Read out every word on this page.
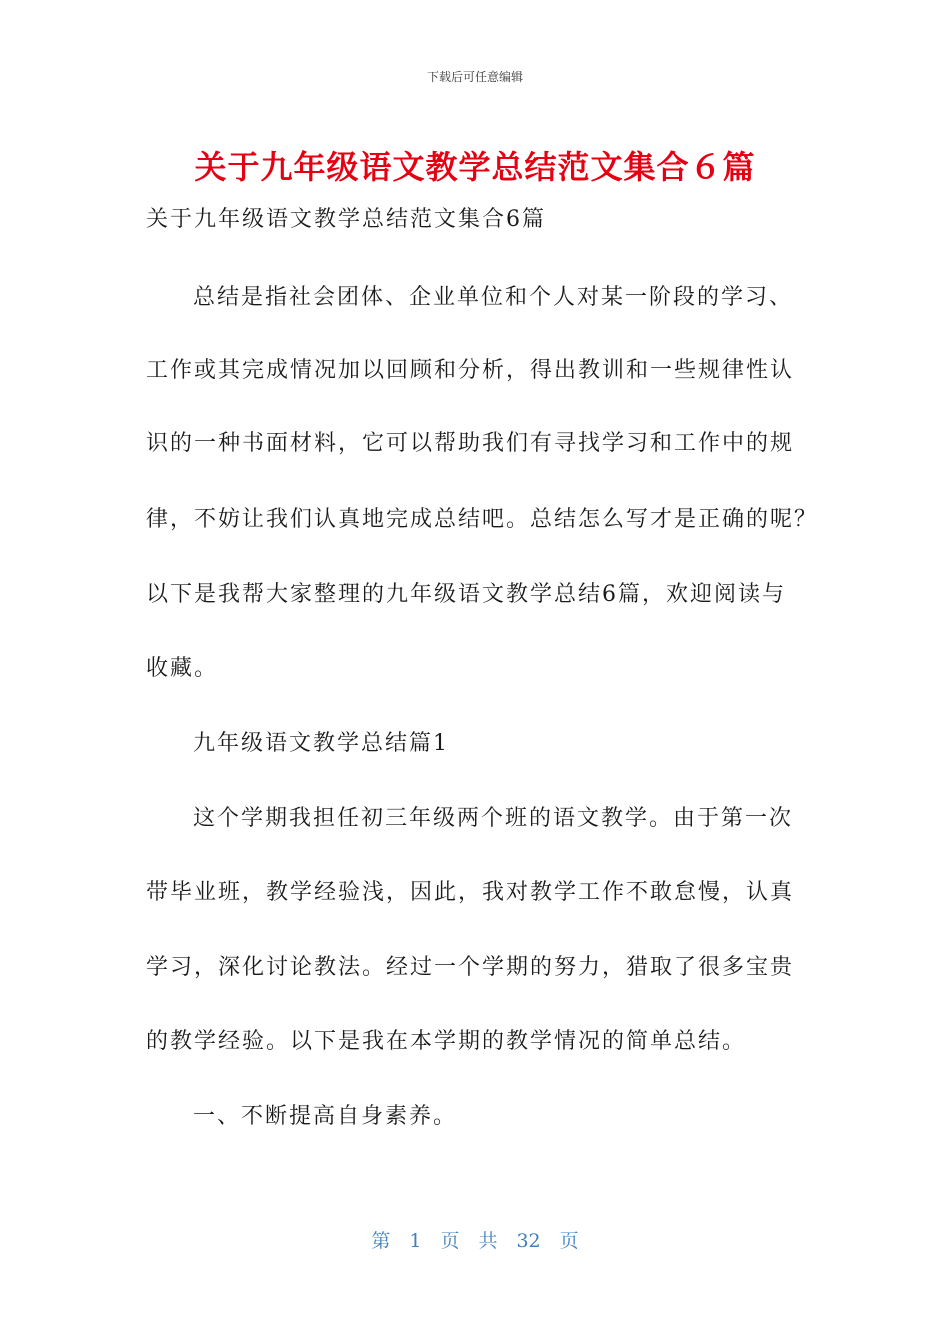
下载后可任意编辑
关于九年级语文教学总结范文集合６篇
关于九年级语文教学总结范文集合6篇
总结是指社会团体、企业单位和个人对某一阶段的学习、
工作或其完成情况加以回顾和分析，得出教训和一些规律性认
识的一种书面材料，它可以帮助我们有寻找学习和工作中的规
律，不妨让我们认真地完成总结吧。总结怎么写才是正确的呢？
以下是我帮大家整理的九年级语文教学总结6篇，欢迎阅读与
收藏。
九年级语文教学总结篇1
这个学期我担任初三年级两个班的语文教学。由于第一次
带毕业班，教学经验浅，因此，我对教学工作不敢怠慢，认真
学习，深化讨论教法。经过一个学期的努力，猎取了很多宝贵
的教学经验。以下是我在本学期的教学情况的简单总结。
一、不断提高自身素养。
第　1　页　共　32　页
